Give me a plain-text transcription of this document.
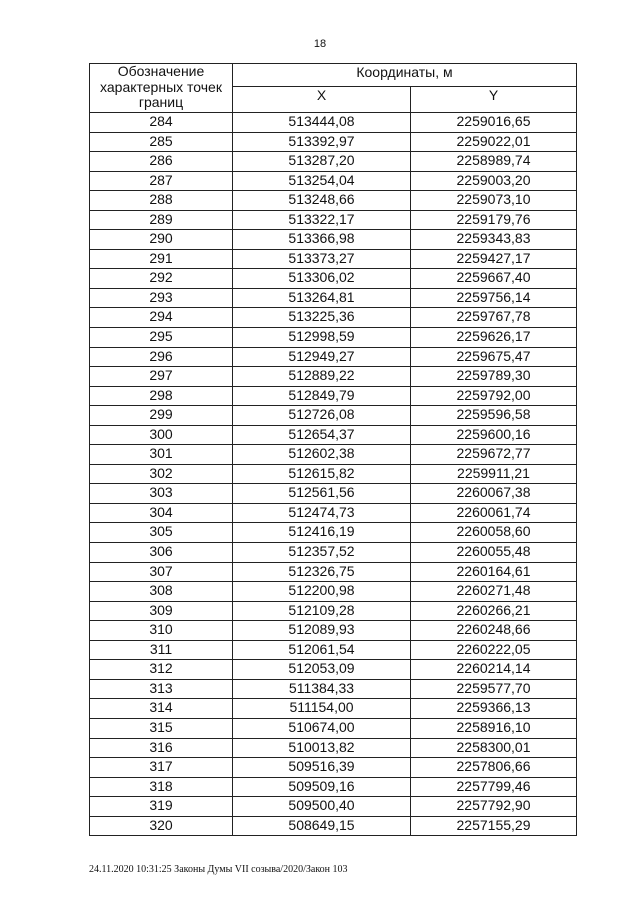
18
Обозначение характерных точек границ	Координаты, м	
	X	Y
284	513444,08	2259016,65
285	513392,97	2259022,01
286	513287,20	2258989,74
287	513254,04	2259003,20
288	513248,66	2259073,10
289	513322,17	2259179,76
290	513366,98	2259343,83
291	513373,27	2259427,17
292	513306,02	2259667,40
293	513264,81	2259756,14
294	513225,36	2259767,78
295	512998,59	2259626,17
296	512949,27	2259675,47
297	512889,22	2259789,30
298	512849,79	2259792,00
299	512726,08	2259596,58
300	512654,37	2259600,16
301	512602,38	2259672,77
302	512615,82	2259911,21
303	512561,56	2260067,38
304	512474,73	2260061,74
305	512416,19	2260058,60
306	512357,52	2260055,48
307	512326,75	2260164,61
308	512200,98	2260271,48
309	512109,28	2260266,21
310	512089,93	2260248,66
311	512061,54	2260222,05
312	512053,09	2260214,14
313	511384,33	2259577,70
314	511154,00	2259366,13
315	510674,00	2258916,10
316	510013,82	2258300,01
317	509516,39	2257806,66
318	509509,16	2257799,46
319	509500,40	2257792,90
320	508649,15	2257155,29
24.11.2020 10:31:25 Законы Думы VII созыва/2020/Закон 103
